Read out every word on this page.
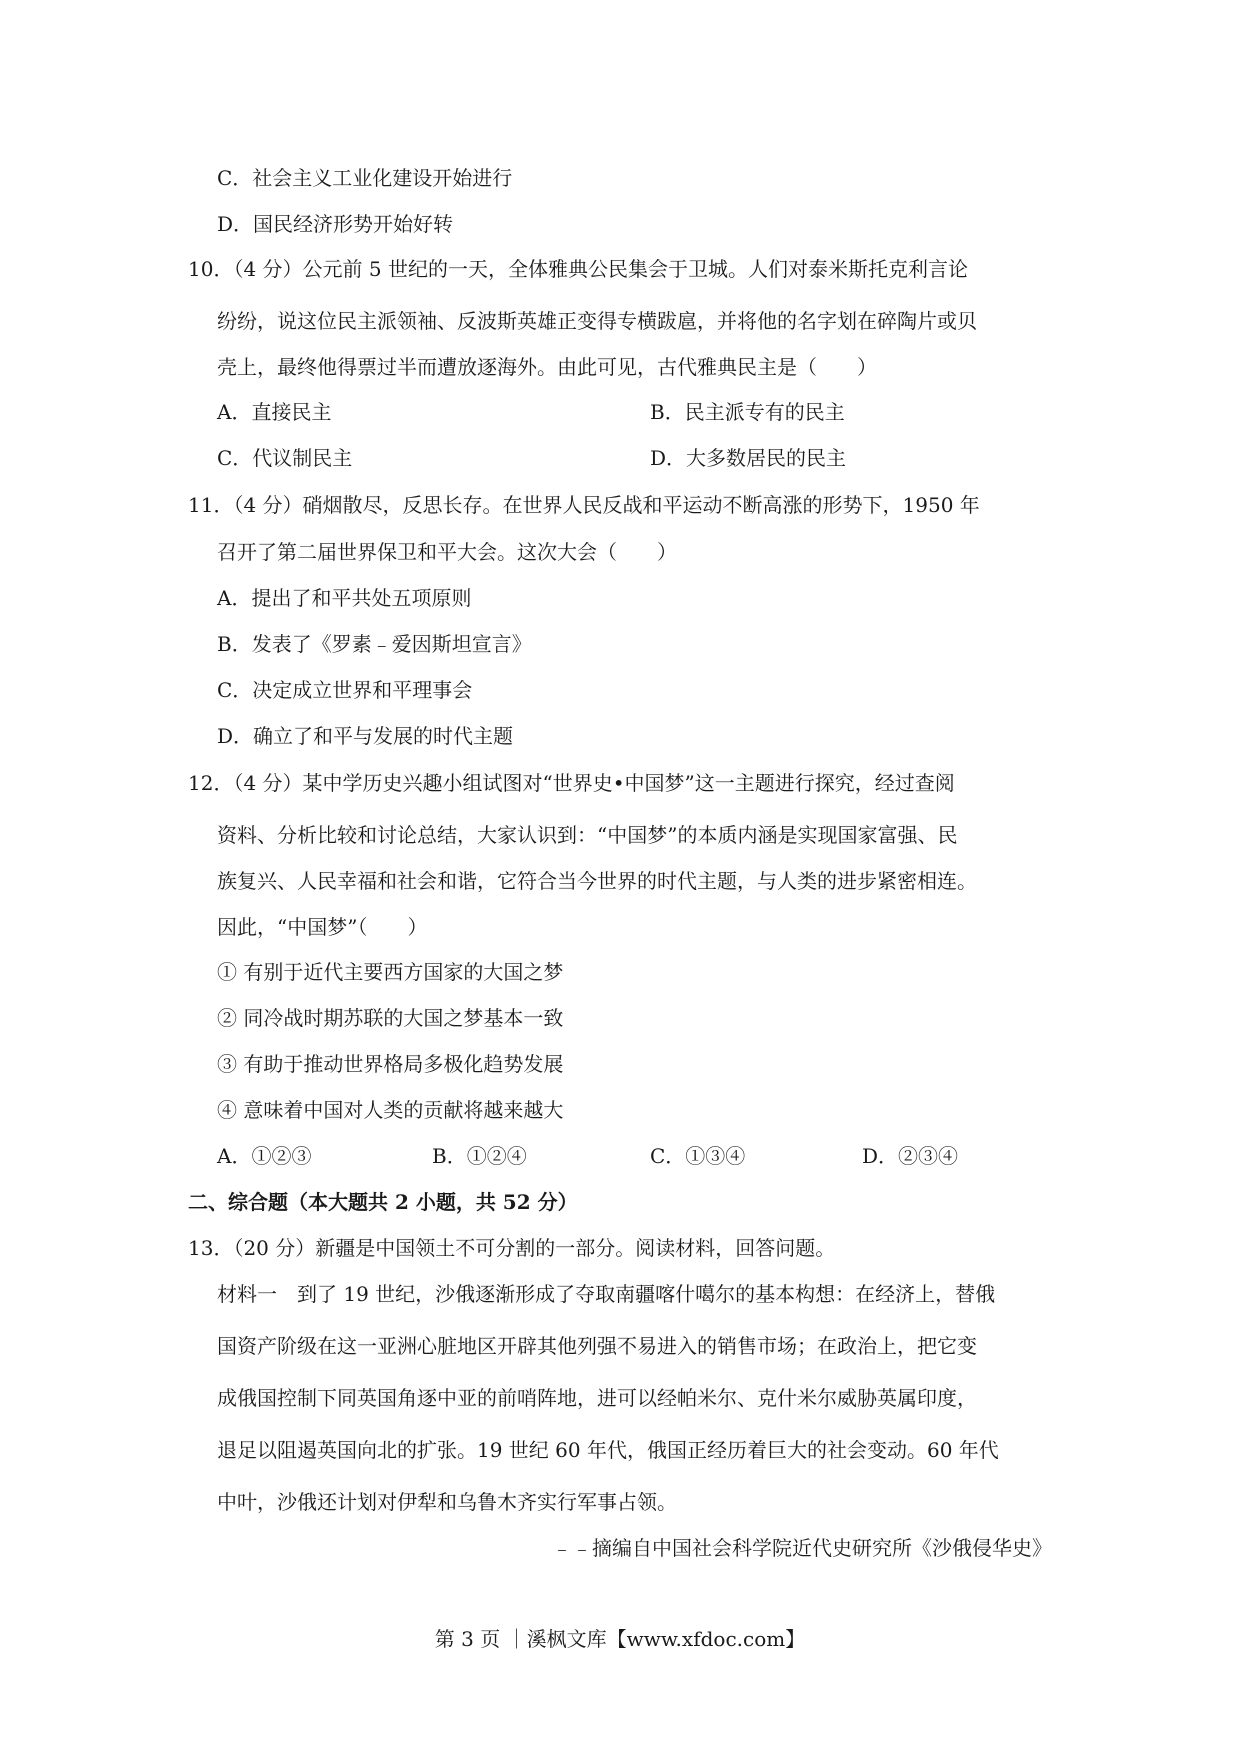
C．社会主义工业化建设开始进行
D．国民经济形势开始好转
10．（4 分）公元前 5 世纪的一天，全体雅典公民集会于卫城。人们对泰米斯托克利言论
纷纷，说这位民主派领袖、反波斯英雄正变得专横跋扈，并将他的名字划在碎陶片或贝
壳上，最终他得票过半而遭放逐海外。由此可见，古代雅典民主是（　　）
A．直接民主	B．民主派专有的民主
C．代议制民主	D．大多数居民的民主
11．（4 分）硝烟散尽，反思长存。在世界人民反战和平运动不断高涨的形势下，1950 年
召开了第二届世界保卫和平大会。这次大会（　　）
A．提出了和平共处五项原则
B．发表了《罗素﹣爱因斯坦宣言》
C．决定成立世界和平理事会
D．确立了和平与发展的时代主题
12．（4 分）某中学历史兴趣小组试图对“世界史•中国梦”这一主题进行探究，经过查阅
资料、分析比较和讨论总结，大家认识到：“中国梦”的本质内涵是实现国家富强、民
族复兴、人民幸福和社会和谐，它符合当今世界的时代主题，与人类的进步紧密相连。
因此，“中国梦”（　　）
① 有别于近代主要西方国家的大国之梦
② 同冷战时期苏联的大国之梦基本一致
③ 有助于推动世界格局多极化趋势发展
④ 意味着中国对人类的贡献将越来越大
A．①②③	B．①②④	C．①③④	D．②③④
二、综合题（本大题共 2 小题，共 52 分）
13．（20 分）新疆是中国领土不可分割的一部分。阅读材料，回答问题。
材料一　到了 19 世纪，沙俄逐渐形成了夺取南疆喀什噶尔的基本构想：在经济上，替俄
国资产阶级在这一亚洲心脏地区开辟其他列强不易进入的销售市场；在政治上，把它变
成俄国控制下同英国角逐中亚的前哨阵地，进可以经帕米尔、克什米尔威胁英属印度，
退足以阻遏英国向北的扩张。19 世纪 60 年代，俄国正经历着巨大的社会变动。60 年代
中叶，沙俄还计划对伊犁和乌鲁木齐实行军事占领。
﹣﹣摘编自中国社会科学院近代史研究所《沙俄侵华史》
第 3 页 ｜溪枫文库【www.xfdoc.com】
